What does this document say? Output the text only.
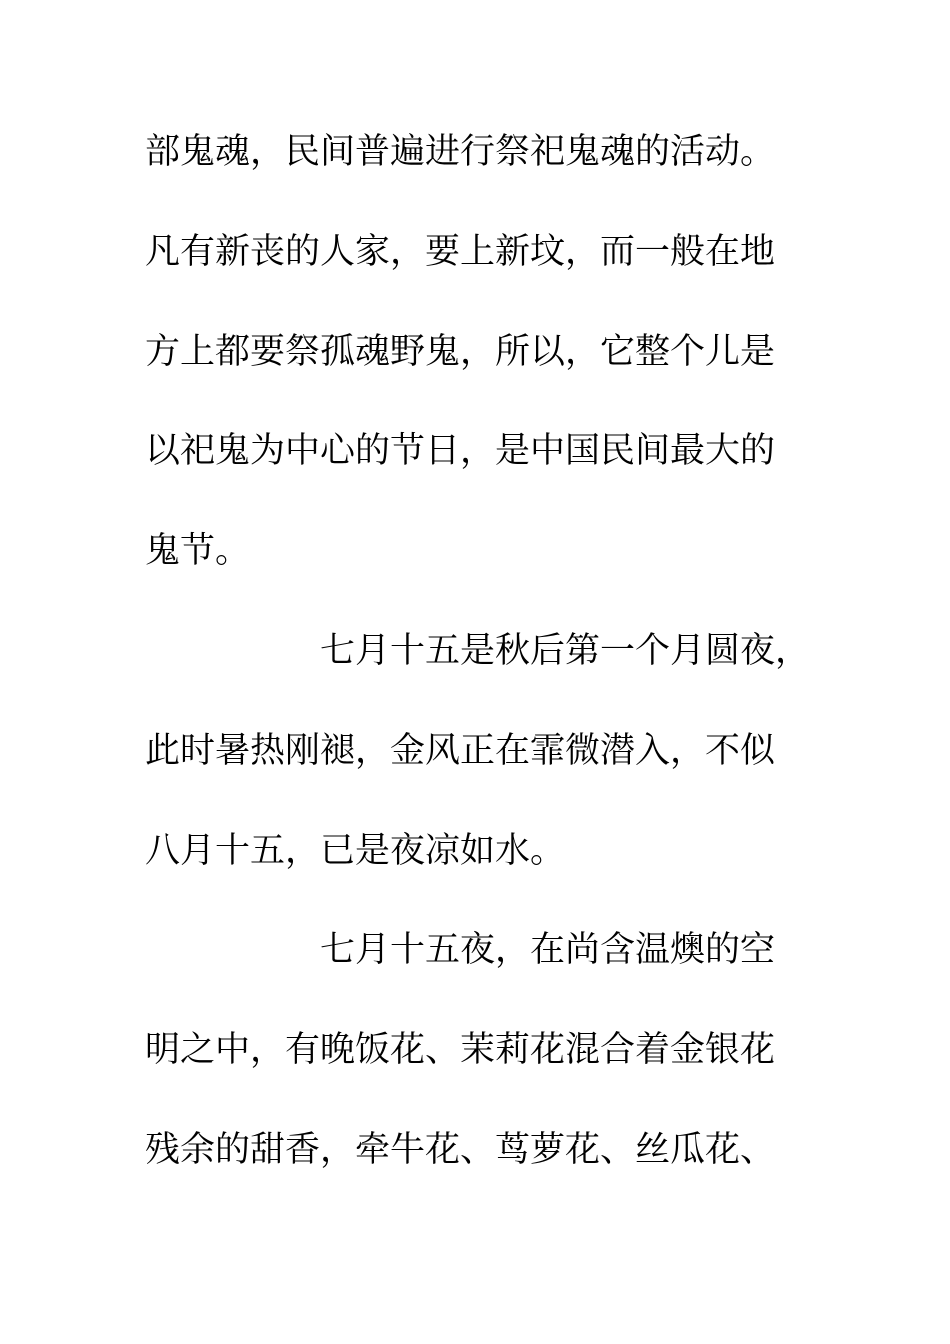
部鬼魂，民间普遍进行祭祀鬼魂的活动。
凡有新丧的人家，要上新坟，而一般在地
方上都要祭孤魂野鬼，所以，它整个儿是
以祀鬼为中心的节日，是中国民间最大的
鬼节。
七月十五是秋后第一个月圆夜，
此时暑热刚褪，金风正在霏微潜入，不似
八月十五，已是夜凉如水。
七月十五夜，在尚含温燠的空
明之中，有晚饭花、茉莉花混合着金银花
残余的甜香，牵牛花、茑萝花、丝瓜花、
